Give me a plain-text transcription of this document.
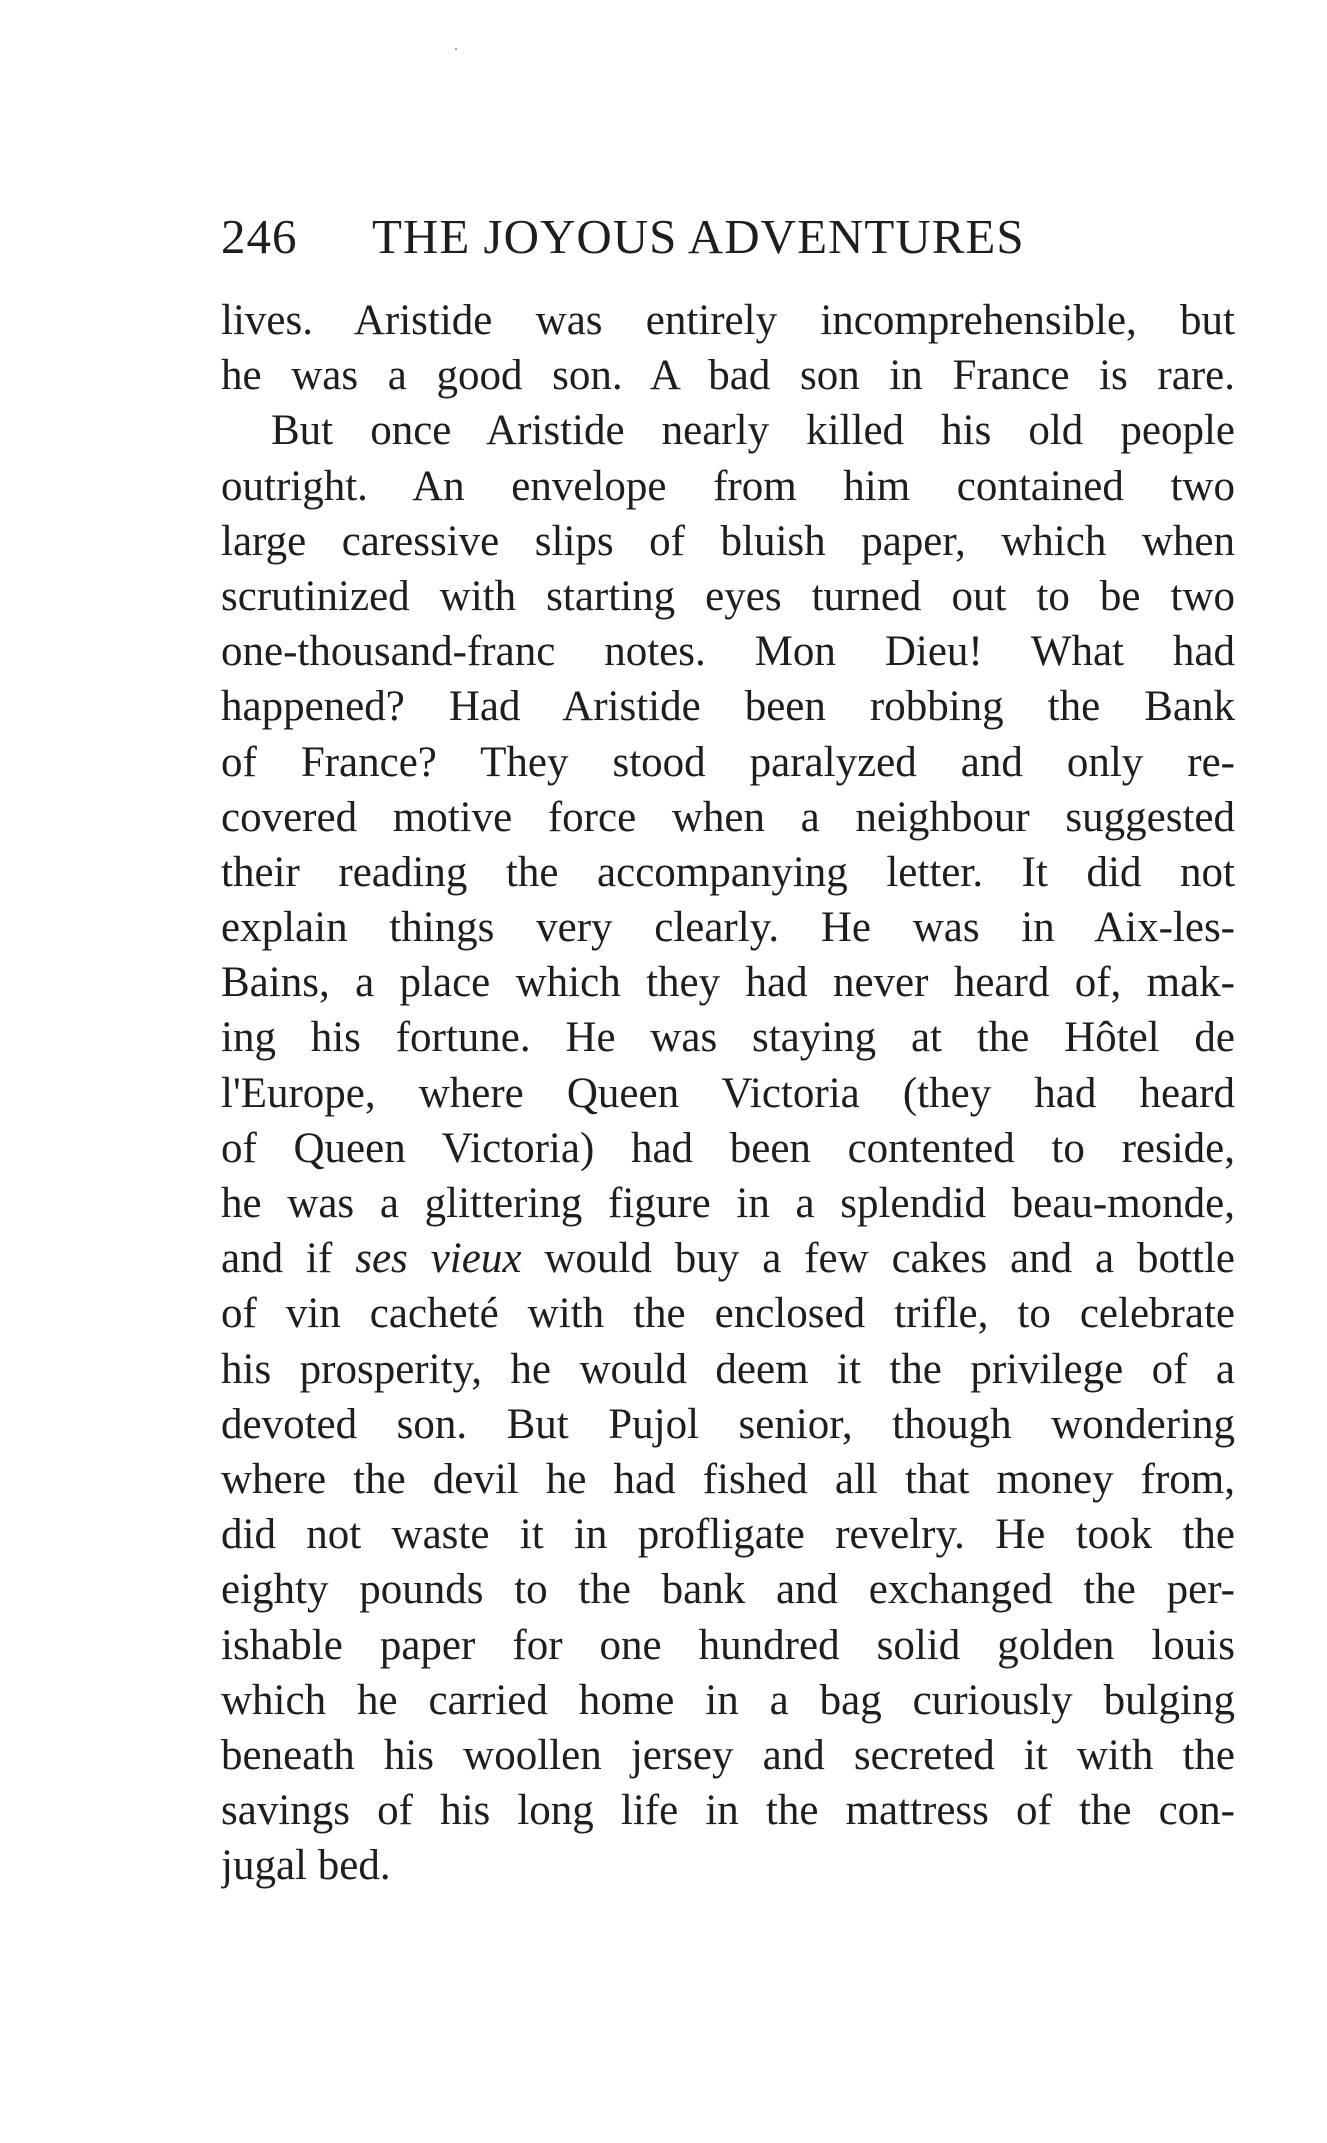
246 THE JOYOUS ADVENTURES
lives. Aristide was entirely incomprehensible, but
he was a good son. A bad son in France is rare.
But once Aristide nearly killed his old people
outright. An envelope from him contained two
large caressive slips of bluish paper, which when
scrutinized with starting eyes turned out to be two
one-thousand-franc notes. Mon Dieu! What had
happened? Had Aristide been robbing the Bank
of France? They stood paralyzed and only re-
covered motive force when a neighbour suggested
their reading the accompanying letter. It did not
explain things very clearly. He was in Aix-les-
Bains, a place which they had never heard of, mak-
ing his fortune. He was staying at the Hôtel de
l'Europe, where Queen Victoria (they had heard
of Queen Victoria) had been contented to reside,
he was a glittering figure in a splendid beau-monde,
and if ses vieux would buy a few cakes and a bottle
of vin cacheté with the enclosed trifle, to celebrate
his prosperity, he would deem it the privilege of a
devoted son. But Pujol senior, though wondering
where the devil he had fished all that money from,
did not waste it in profligate revelry. He took the
eighty pounds to the bank and exchanged the per-
ishable paper for one hundred solid golden louis
which he carried home in a bag curiously bulging
beneath his woollen jersey and secreted it with the
savings of his long life in the mattress of the con-
jugal bed.
